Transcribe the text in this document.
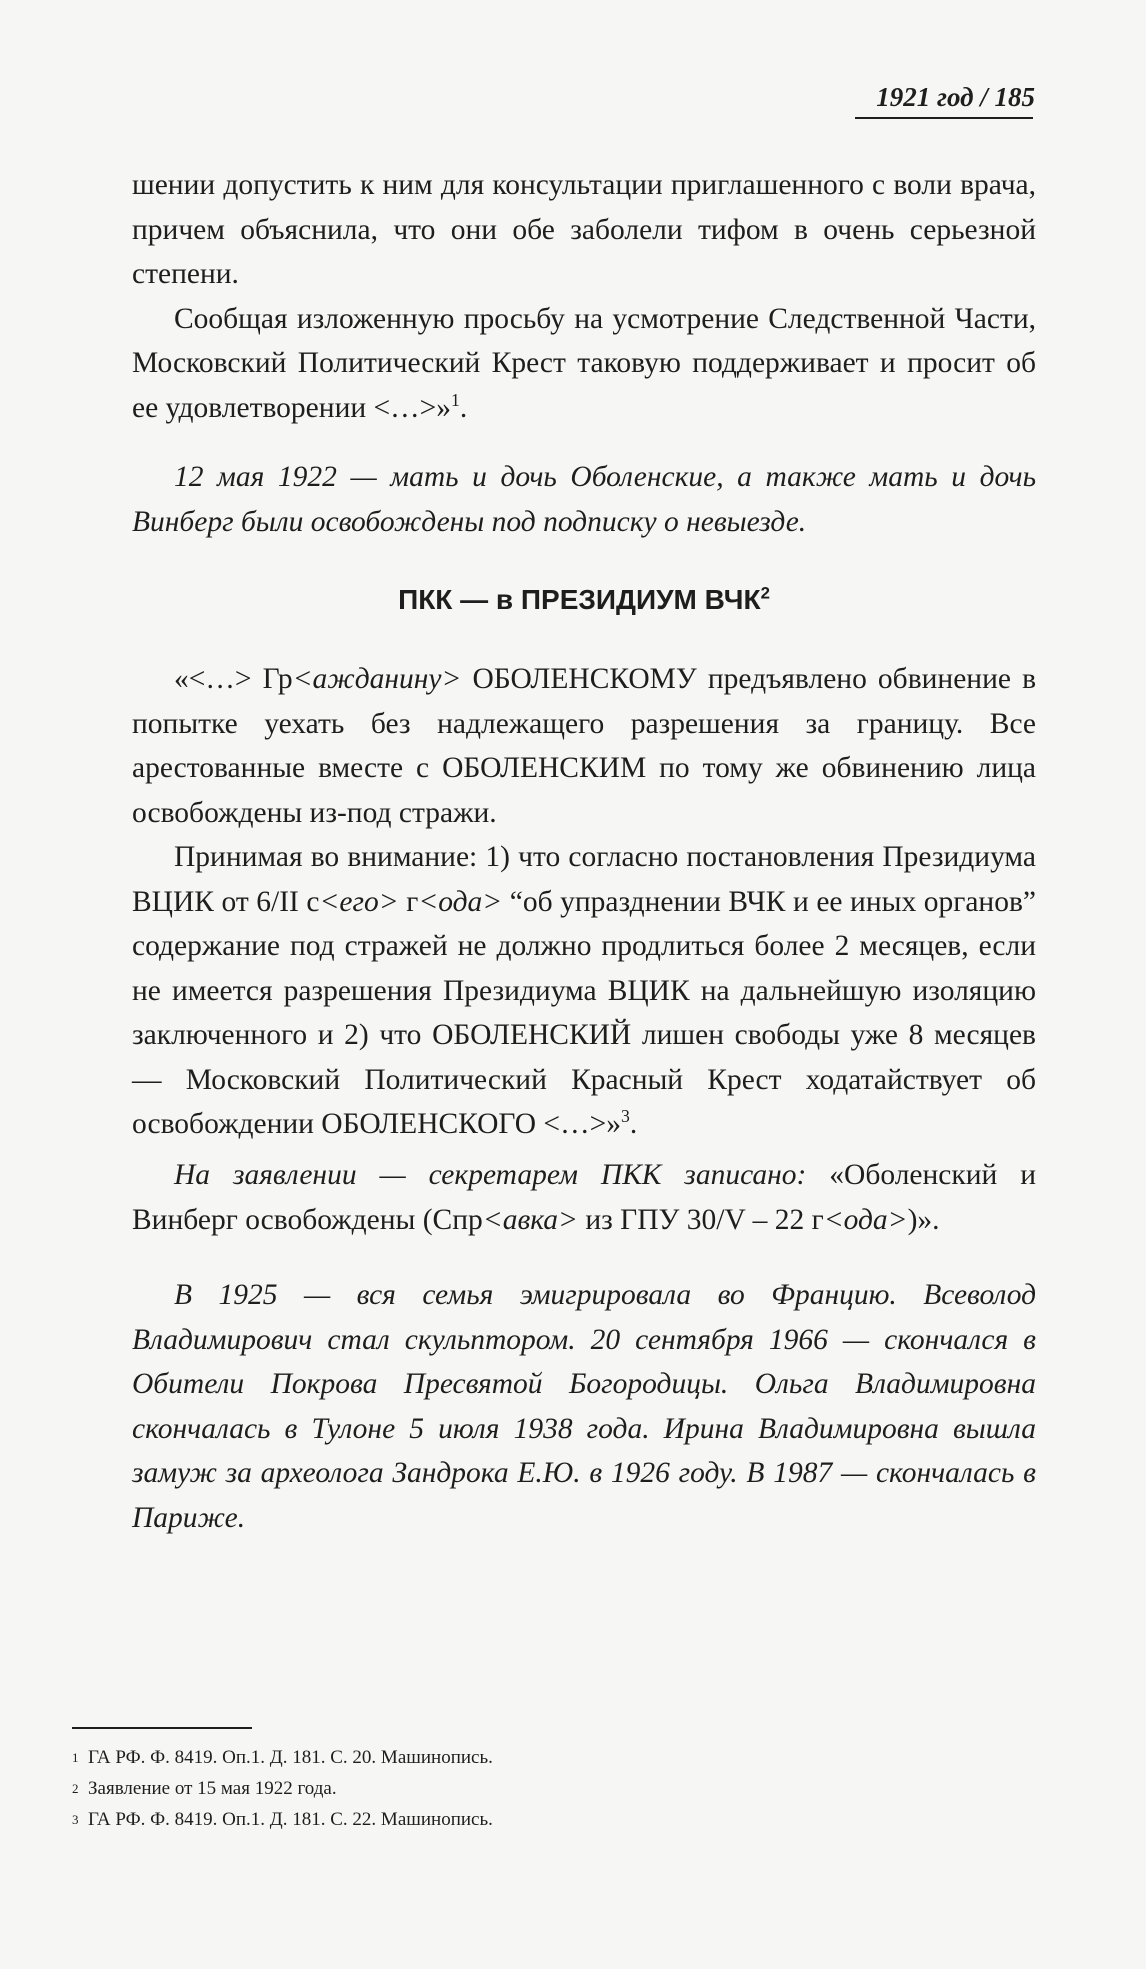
1921 год / 185

шении допустить к ним для консультации приглашенного с воли врача, причем объяснила, что они обе заболели тифом в очень серьезной степени.

Сообщая изложенную просьбу на усмотрение Следственной Части, Московский Политический Крест таковую поддерживает и просит об ее удовлетворении <…>»$^1$.

12 мая 1922 — мать и дочь Оболенские, а также мать и дочь Винберг были освобождены под подписку о невыезде.

ПКК — в ПРЕЗИДИУМ ВЧК$^2$

«<…> Гр<ажданину> ОБОЛЕНСКОМУ предъявлено обвинение в попытке уехать без надлежащего разрешения за границу. Все арестованные вместе с ОБОЛЕНСКИМ по тому же обвинению лица освобождены из-под стражи.

Принимая во внимание: 1) что согласно постановления Президиума ВЦИК от 6/II с<его> г<ода> “об упразднении ВЧК и ее иных органов” содержание под стражей не должно продлиться более 2 месяцев, если не имеется разрешения Президиума ВЦИК на дальнейшую изоляцию заключенного и 2) что ОБОЛЕНСКИЙ лишен свободы уже 8 месяцев — Московский Политический Красный Крест ходатайствует об освобождении ОБОЛЕНСКОГО <…>»$^3$.

На заявлении — секретарем ПКК записано: «Оболенский и Винберг освобождены (Спр<авка> из ГПУ 30/V – 22 г<ода>)».

В 1925 — вся семья эмигрировала во Францию. Всеволод Владимирович стал скульптором. 20 сентября 1966 — скончался в Обители Покрова Пресвятой Богородицы. Ольга Владимировна скончалась в Тулоне 5 июля 1938 года. Ирина Владимировна вышла замуж за археолога Зандрока Е.Ю. в 1926 году. В 1987 — скончалась в Париже.

1 ГА РФ. Ф. 8419. Оп.1. Д. 181. С. 20. Машинопись.
2 Заявление от 15 мая 1922 года.
3 ГА РФ. Ф. 8419. Оп.1. Д. 181. С. 22. Машинопись.
